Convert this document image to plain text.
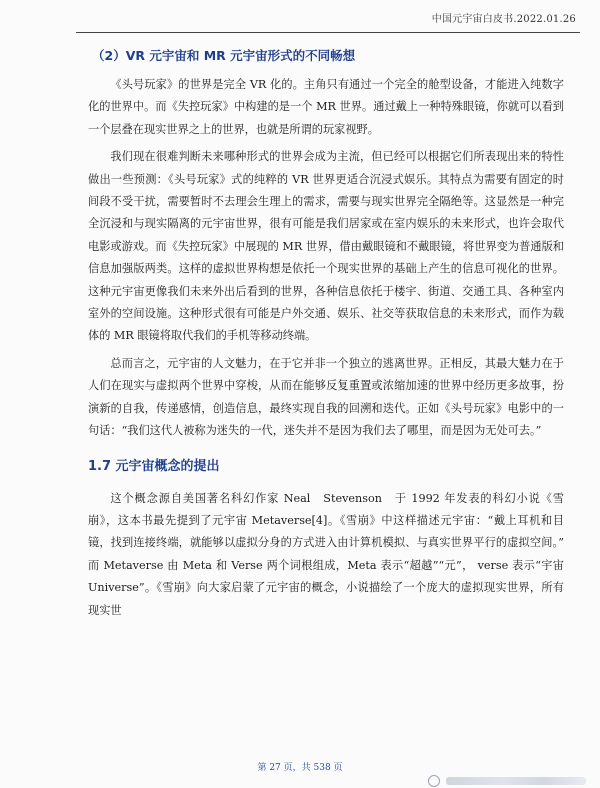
中国元宇宙白皮书.2022.01.26
（2）VR 元宇宙和 MR 元宇宙形式的不同畅想

《头号玩家》的世界是完全 VR 化的。主角只有通过一个完全的舱型设备，才能进入纯数字化的世界中。而《失控玩家》中构建的是一个 MR 世界。通过戴上一种特殊眼镜，你就可以看到一个层叠在现实世界之上的世界，也就是所谓的玩家视野。

我们现在很难判断未来哪种形式的世界会成为主流，但已经可以根据它们所表现出来的特性做出一些预测：《头号玩家》式的纯粹的 VR 世界更适合沉浸式娱乐。其特点为需要有固定的时间段不受干扰，需要暂时不去理会生理上的需求，需要与现实世界完全隔绝等。这显然是一种完全沉浸和与现实隔离的元宇宙世界，很有可能是我们居家或在室内娱乐的未来形式，也许会取代电影或游戏。而《失控玩家》中展现的 MR 世界，借由戴眼镜和不戴眼镜，将世界变为普通版和信息加强版两类。这样的虚拟世界构想是依托一个现实世界的基础上产生的信息可视化的世界。这种元宇宙更像我们未来外出后看到的世界，各种信息依托于楼宇、街道、交通工具、各种室内室外的空间设施。这种形式很有可能是户外交通、娱乐、社交等获取信息的未来形式，而作为载体的 MR 眼镜将取代我们的手机等移动终端。

总而言之，元宇宙的人文魅力，在于它并非一个独立的逃离世界。正相反，其最大魅力在于人们在现实与虚拟两个世界中穿梭，从而在能够反复重置或浓缩加速的世界中经历更多故事，扮演新的自我，传递感情，创造信息，最终实现自我的回溯和迭代。正如《头号玩家》电影中的一句话：“我们这代人被称为迷失的一代，迷失并不是因为我们去了哪里，而是因为无处可去。”

1.7 元宇宙概念的提出

这个概念源自美国著名科幻作家 Neal　Stevenson　于 1992 年发表的科幻小说《雪崩》，这本书最先提到了元宇宙 Metaverse[4]。《雪崩》中这样描述元宇宙：“戴上耳机和目镜，找到连接终端，就能够以虚拟分身的方式进入由计算机模拟、与真实世界平行的虚拟空间。” 而 Metaverse 由 Meta 和 Verse 两个词根组成，Meta 表示“超越”“元”， verse 表示“宇宙 Universe”。《雪崩》向大家启蒙了元宇宙的概念，小说描绘了一个庞大的虚拟现实世界，所有现实世

第 27 页，共 538 页
